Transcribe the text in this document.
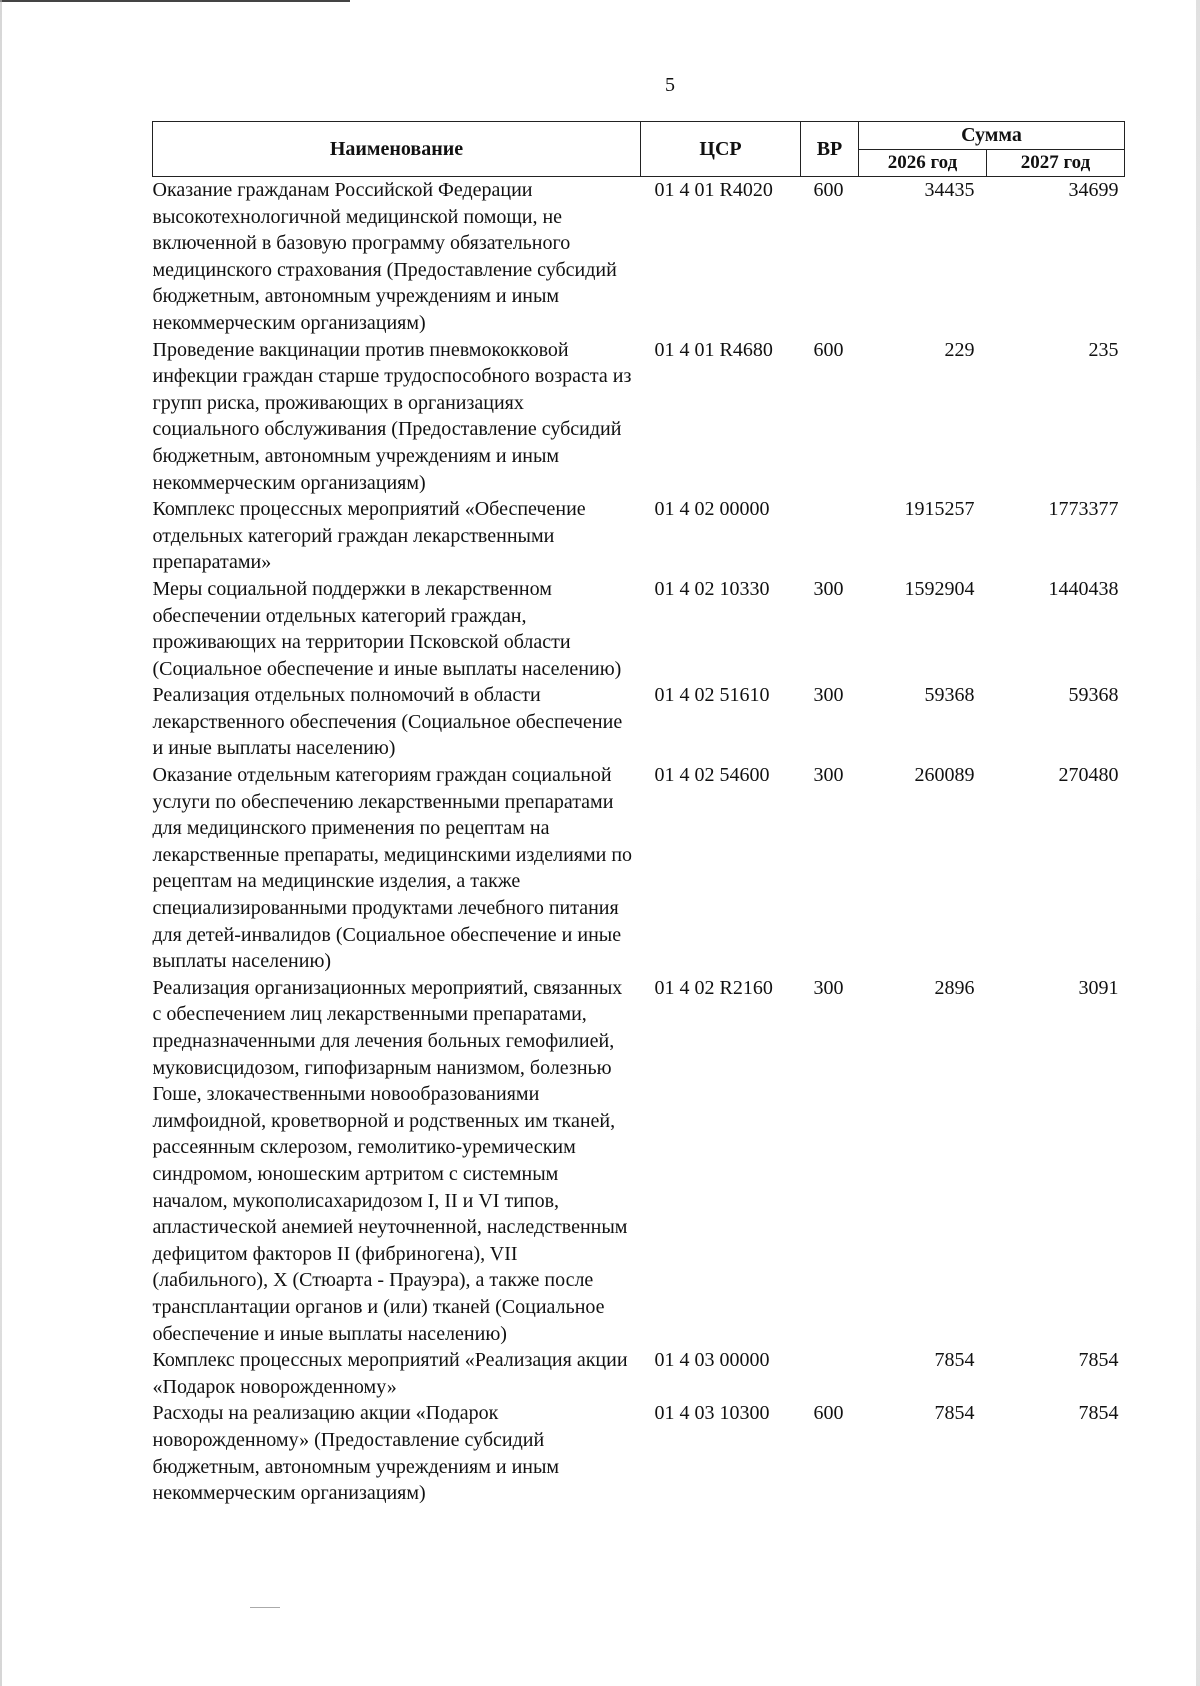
5
Наименование	ЦСР	ВР	Сумма	
			2026 год	2027 год
Оказание гражданам Российской Федерации высокотехнологичной медицинской помощи, не включенной в базовую программу обязательного медицинского страхования (Предоставление субсидий бюджетным, автономным учреждениям и иным некоммерческим организациям)	01 4 01 R4020	600	34435	34699
Проведение вакцинации против пневмококковой инфекции граждан старше трудоспособного возраста из групп риска, проживающих в организациях социального обслуживания (Предоставление субсидий бюджетным, автономным учреждениям и иным некоммерческим организациям)	01 4 01 R4680	600	229	235
Комплекс процессных мероприятий «Обеспечение отдельных категорий граждан лекарственными препаратами»	01 4 02 00000		1915257	1773377
Меры социальной поддержки в лекарственном обеспечении отдельных категорий граждан, проживающих на территории Псковской области (Социальное обеспечение и иные выплаты населению)	01 4 02 10330	300	1592904	1440438
Реализация отдельных полномочий в области лекарственного обеспечения (Социальное обеспечение и иные выплаты населению)	01 4 02 51610	300	59368	59368
Оказание отдельным категориям граждан социальной услуги по обеспечению лекарственными препаратами для медицинского применения по рецептам на лекарственные препараты, медицинскими изделиями по рецептам на медицинские изделия, а также специализированными продуктами лечебного питания для детей-инвалидов (Социальное обеспечение и иные выплаты населению)	01 4 02 54600	300	260089	270480
Реализация организационных мероприятий, связанных с обеспечением лиц лекарственными препаратами, предназначенными для лечения больных гемофилией, муковисцидозом, гипофизарным нанизмом, болезнью Гоше, злокачественными новообразованиями лимфоидной, кроветворной и родственных им тканей, рассеянным склерозом, гемолитико-уремическим синдромом, юношеским артритом с системным началом, мукополисахаридозом I, II и VI типов, апластической анемией неуточненной, наследственным дефицитом факторов II (фибриногена), VII (лабильного), X (Стюарта - Прауэра), а также после трансплантации органов и (или) тканей (Социальное обеспечение и иные выплаты населению)	01 4 02 R2160	300	2896	3091
Комплекс процессных мероприятий «Реализация акции «Подарок новорожденному»	01 4 03 00000		7854	7854
Расходы на реализацию акции «Подарок новорожденному» (Предоставление субсидий бюджетным, автономным учреждениям и иным некоммерческим организациям)	01 4 03 10300	600	7854	7854
